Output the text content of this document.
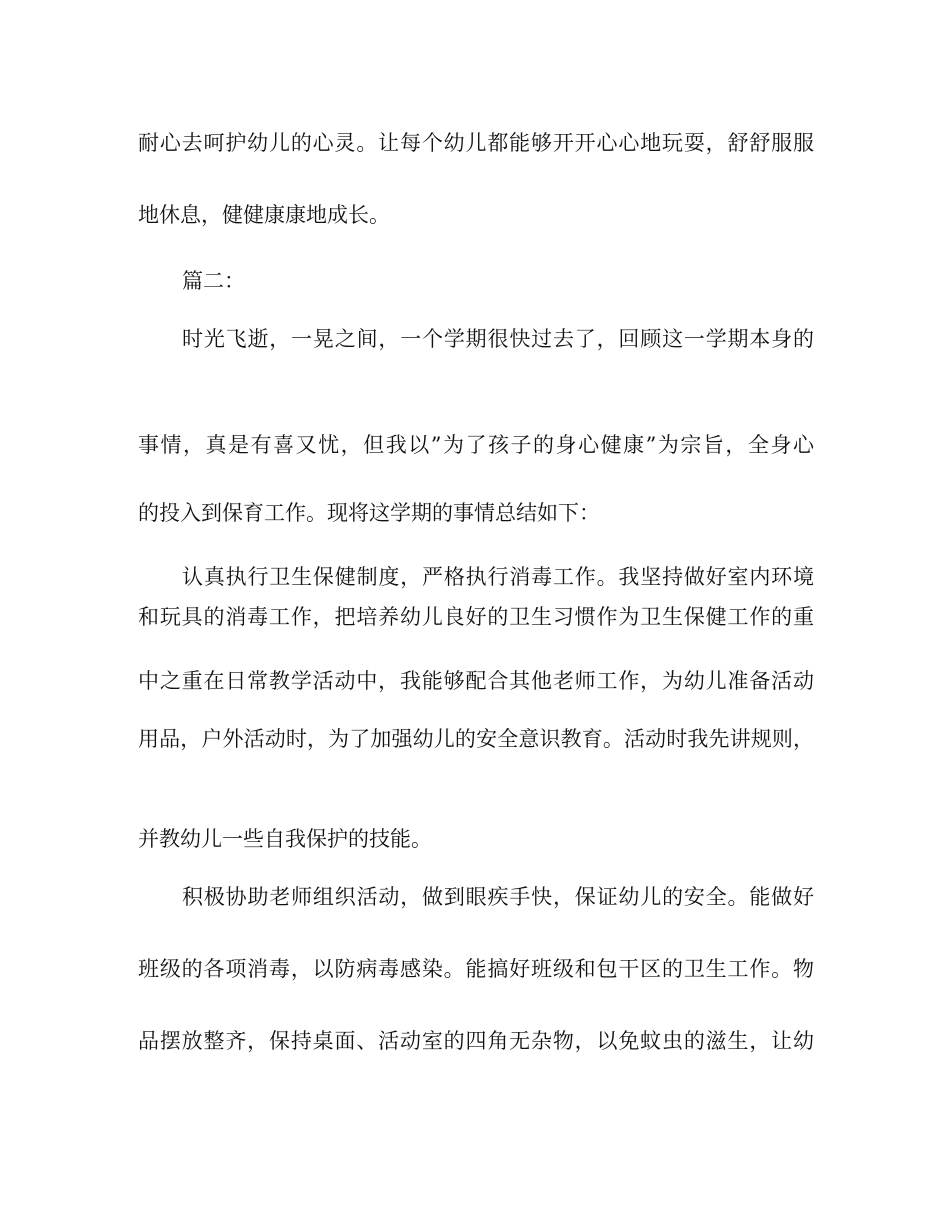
耐心去呵护幼儿的心灵。让每个幼儿都能够开开心心地玩耍，舒舒服服
地休息，健健康康地成长。
篇二：
时光飞逝，一晃之间，一个学期很快过去了，回顾这一学期本身的
事情，真是有喜又忧，但我以”为了孩子的身心健康”为宗旨，全身心
的投入到保育工作。现将这学期的事情总结如下：
认真执行卫生保健制度，严格执行消毒工作。我坚持做好室内环境
和玩具的消毒工作，把培养幼儿良好的卫生习惯作为卫生保健工作的重
中之重在日常教学活动中，我能够配合其他老师工作，为幼儿准备活动
用品，户外活动时，为了加强幼儿的安全意识教育。活动时我先讲规则，
并教幼儿一些自我保护的技能。
积极协助老师组织活动，做到眼疾手快，保证幼儿的安全。能做好
班级的各项消毒，以防病毒感染。能搞好班级和包干区的卫生工作。物
品摆放整齐，保持桌面、活动室的四角无杂物，以免蚊虫的滋生，让幼
